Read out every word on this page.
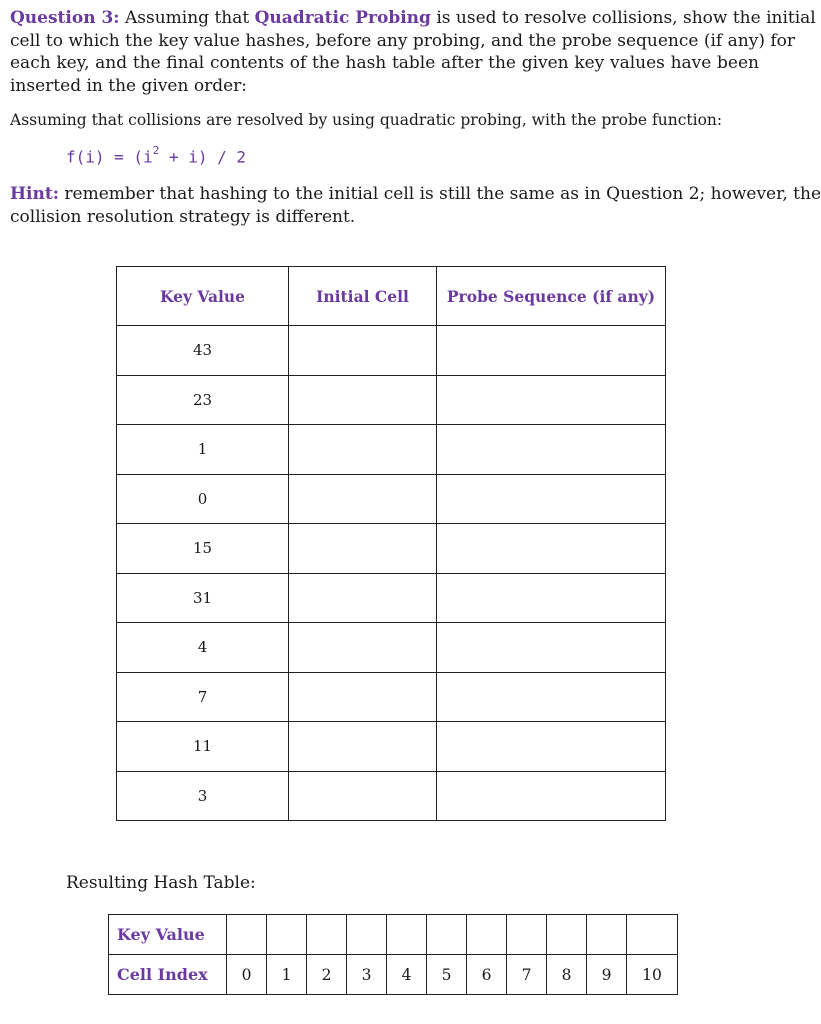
Question 3: Assuming that Quadratic Probing is used to resolve collisions, show the initial
cell to which the key value hashes, before any probing, and the probe sequence (if any) for
each key, and the final contents of the hash table after the given key values have been
inserted in the given order:
Assuming that collisions are resolved by using quadratic probing, with the probe function:
$f(i) = (i^2 + i) / 2$
Hint: remember that hashing to the initial cell is still the same as in Question 2; however, the
collision resolution strategy is different.
Key Value	Initial Cell	Probe Sequence (if any)
43		
23		
1		
0		
15		
31		
4		
7		
11		
3		
Resulting Hash Table:
Key Value											
Cell Index	0	1	2	3	4	5	6	7	8	9	10
